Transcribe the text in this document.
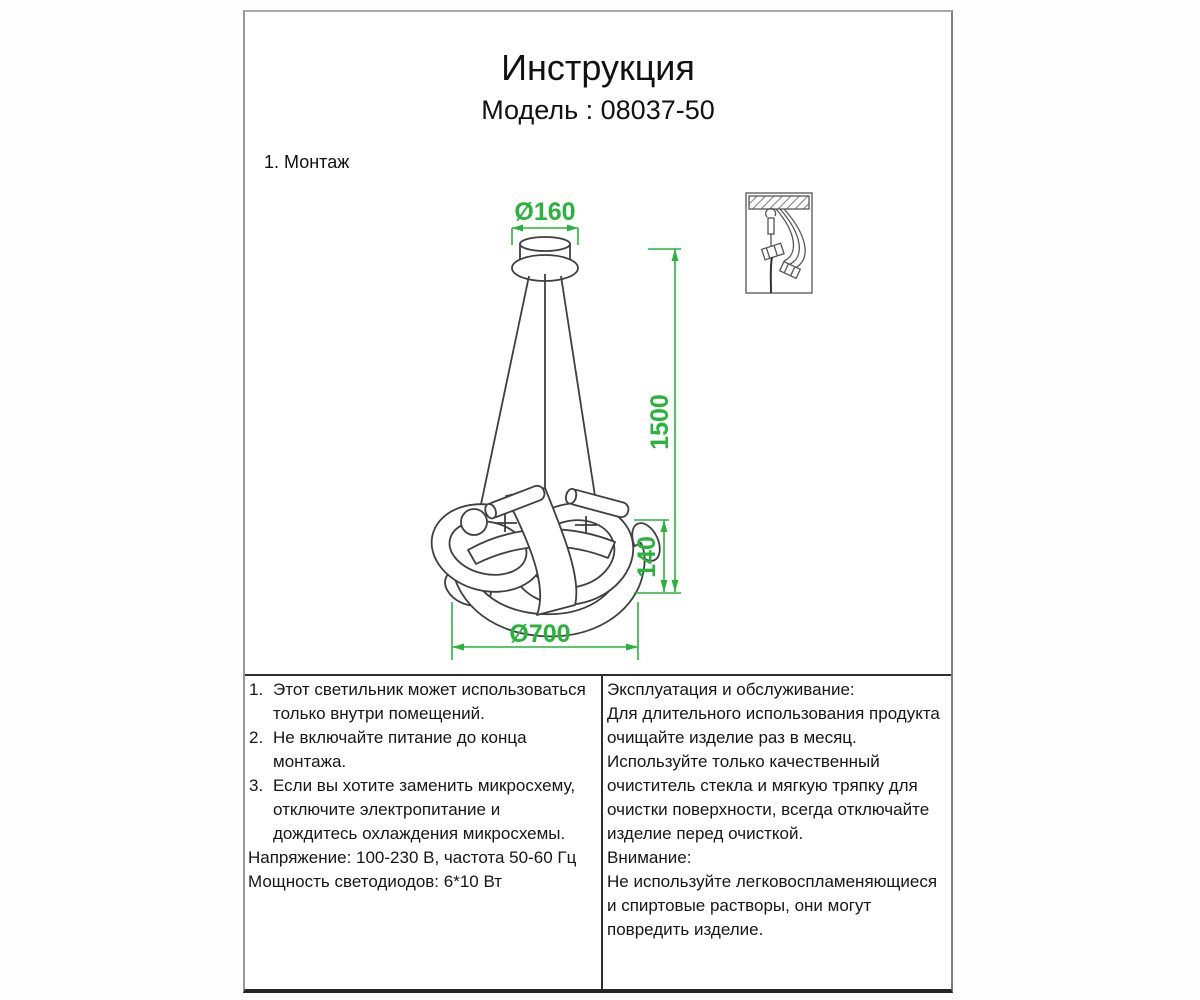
Инструкция
Модель : 08037-50
1. Монтаж
Ø160
1500
140
Ø700
1. Этот светильник может использоваться
только внутри помещений.
2. Не включайте питание до конца
монтажа.
3. Если вы хотите заменить микросхему,
отключите электропитание и
дождитесь охлаждения микросхемы.
Напряжение: 100-230 В, частота 50-60 Гц
Мощность светодиодов: 6*10 Вт
Эксплуатация и обслуживание:
Для длительного использования продукта
очищайте изделие раз в месяц.
Используйте только качественный
очиститель стекла и мягкую тряпку для
очистки поверхности, всегда отключайте
изделие перед очисткой.
Внимание:
Не используйте легковоспламеняющиеся
и спиртовые растворы, они могут
повредить изделие.
